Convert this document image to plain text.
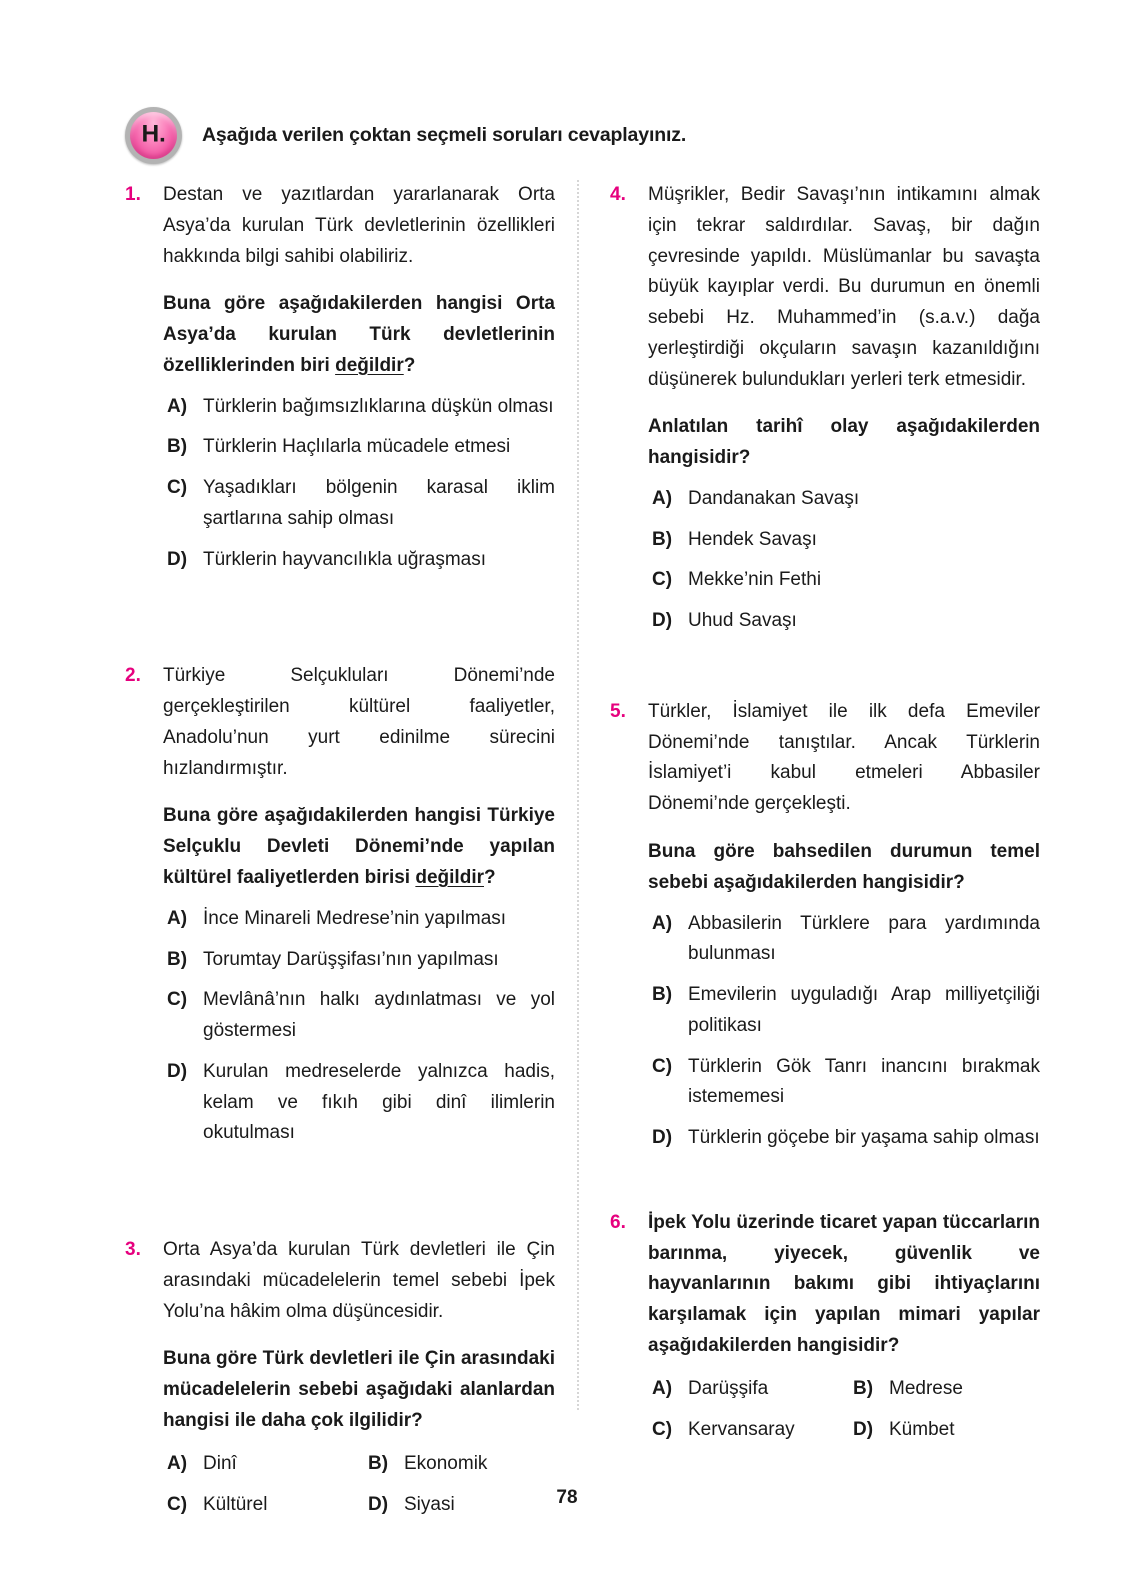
H. Aşağıda verilen çoktan seçmeli soruları cevaplayınız.
1.	Destan ve yazıtlardan yararlanarak Orta Asya’da kurulan Türk devletlerinin özellikleri hakkında bilgi sahibi olabiliriz.

Buna göre aşağıdakilerden hangisi Orta Asya’da kurulan Türk devletlerinin özelliklerinden biri değildir?

A) Türklerin bağımsızlıklarına düşkün olması
B) Türklerin Haçlılarla mücadele etmesi
C) Yaşadıkları bölgenin karasal iklim şartlarına sahip olması
D) Türklerin hayvancılıkla uğraşması
2.	Türkiye Selçukluları Dönemi’nde gerçekleştirilen kültürel faaliyetler, Anadolu’nun yurt edinilme sürecini hızlandırmıştır.

Buna göre aşağıdakilerden hangisi Türkiye Selçuklu Devleti Dönemi’nde yapılan kültürel faaliyetlerden birisi değildir?

A) İnce Minareli Medrese’nin yapılması
B) Torumtay Darüşşifası’nın yapılması
C) Mevlânâ’nın halkı aydınlatması ve yol göstermesi
D) Kurulan medreselerde yalnızca hadis, kelam ve fıkıh gibi dinî ilimlerin okutulması
3.	Orta Asya’da kurulan Türk devletleri ile Çin arasındaki mücadelelerin temel sebebi İpek Yolu’na hâkim olma düşüncesidir.

Buna göre Türk devletleri ile Çin arasındaki mücadelelerin sebebi aşağıdaki alanlardan hangisi ile daha çok ilgilidir?

A) Dinî	B) Ekonomik
C) Kültürel	D) Siyasi
4.	Müşrikler, Bedir Savaşı’nın intikamını almak için tekrar saldırdılar. Savaş, bir dağın çevresinde yapıldı. Müslümanlar bu savaşta büyük kayıplar verdi. Bu durumun en önemli sebebi Hz. Muhammed’in (s.a.v.) dağa yerleştirdiği okçuların savaşın kazanıldığını düşünerek bulundukları yerleri terk etmesidir.

Anlatılan tarihî olay aşağıdakilerden hangisidir?

A) Dandanakan Savaşı
B) Hendek Savaşı
C) Mekke’nin Fethi
D) Uhud Savaşı
5.	Türkler, İslamiyet ile ilk defa Emeviler Dönemi’nde tanıştılar. Ancak Türklerin İslamiyet’i kabul etmeleri Abbasiler Dönemi’nde gerçekleşti.

Buna göre bahsedilen durumun temel sebebi aşağıdakilerden hangisidir?

A) Abbasilerin Türklere para yardımında bulunması
B) Emevilerin uyguladığı Arap milliyetçiliği politikası
C) Türklerin Gök Tanrı inancını bırakmak istememesi
D) Türklerin göçebe bir yaşama sahip olması
6.	İpek Yolu üzerinde ticaret yapan tüccarların barınma, yiyecek, güvenlik ve hayvanlarının bakımı gibi ihtiyaçlarını karşılamak için yapılan mimari yapılar aşağıdakilerden hangisidir?

A) Darüşşifa	B) Medrese
C) Kervansaray	D) Kümbet
78
